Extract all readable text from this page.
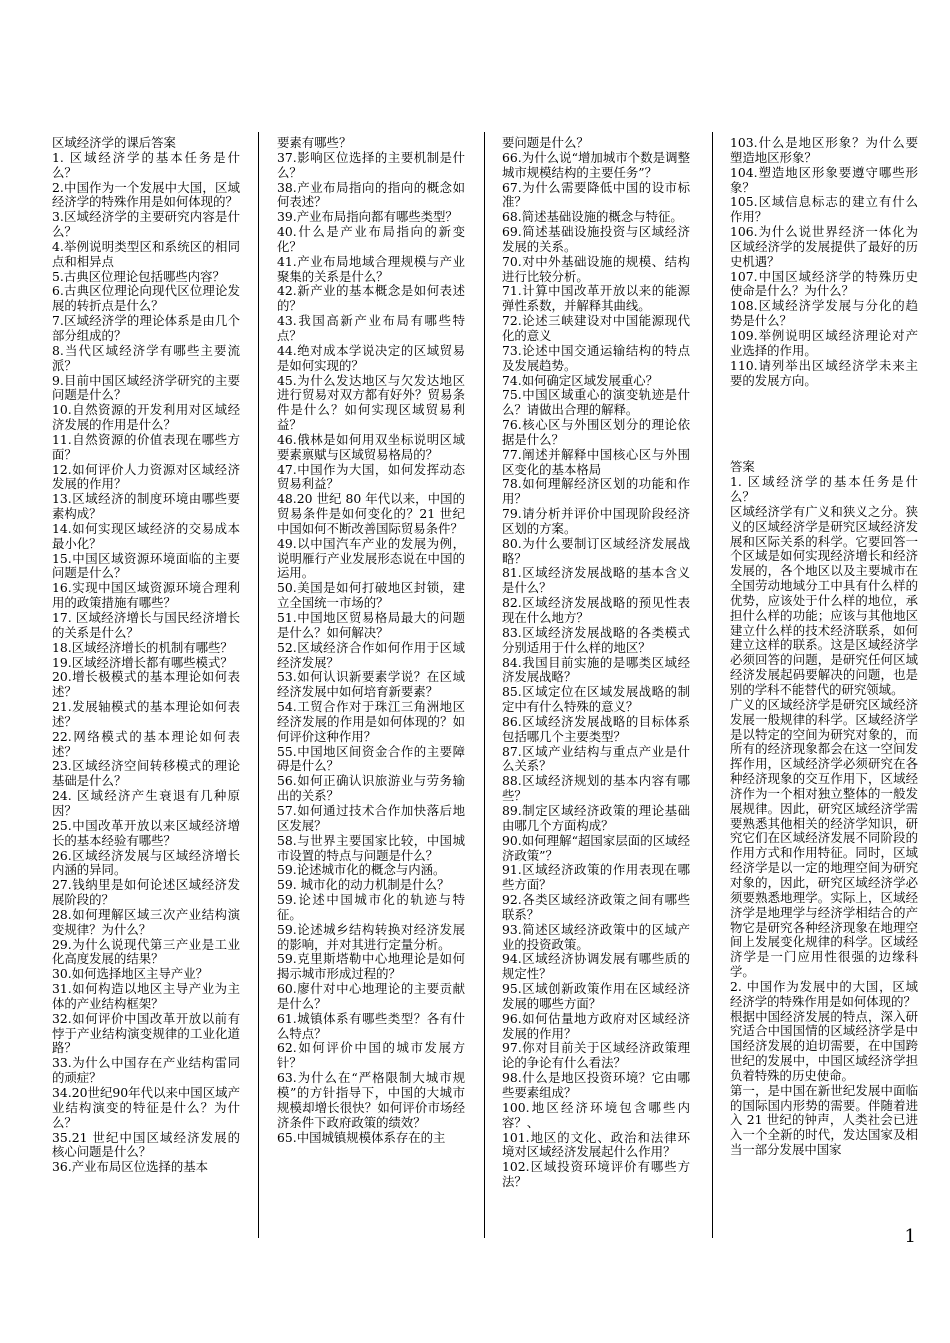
区域经济学的课后答案

1. 区域经济学的基本任务是什么？

2.中国作为一个发展中大国，区域经济学的特殊作用是如何体现的？

3.区域经济学的主要研究内容是什么？

4.举例说明类型区和系统区的相同点和相异点

5.古典区位理论包括哪些内容？

6.古典区位理论向现代区位理论发展的转折点是什么？

7.区域经济学的理论体系是由几个部分组成的？

8.当代区域经济学有哪些主要流派？

9.目前中国区域经济学研究的主要问题是什么？

10.自然资源的开发利用对区域经济发展的作用是什么？

11.自然资源的价值表现在哪些方面？

12.如何评价人力资源对区域经济发展的作用？

13.区域经济的制度环境由哪些要素构成？

14.如何实现区域经济的交易成本最小化？

15.中国区域资源环境面临的主要问题是什么？

16.实现中国区域资源环境合理利用的政策措施有哪些？

17. 区域经济增长与国民经济增长的关系是什么？

18.区域经济增长的机制有哪些？

19.区域经济增长都有哪些模式？

20.增长极模式的基本理论如何表述？

21.发展轴模式的基本理论如何表述？

22.网络模式的基本理论如何表述？

23.区域经济空间转移模式的理论基础是什么？

24. 区域经济产生衰退有几种原因？

25.中国改革开放以来区域经济增长的基本经验有哪些？

26.区域经济发展与区域经济增长内涵的异同。

27.钱纳里是如何论述区域经济发展阶段的？

28.如何理解区域三次产业结构演变规律？为什么？

29.为什么说现代第三产业是工业化高度发展的结果？

30.如何选择地区主导产业？

31.如何构造以地区主导产业为主体的产业结构框架？

32.如何评价中国改革开放以前有悖于产业结构演变规律的工业化道路？

33.为什么中国存在产业结构雷同的顽症？

34.20世纪90年代以来中国区域产业结构演变的特征是什么？为什么？

35.21 世纪中国区域经济发展的核心问题是什么？

36.产业布局区位选择的基本

要素有哪些？

37.影响区位选择的主要机制是什么？

38.产业布局指向的指向的概念如何表述？

39.产业布局指向都有哪些类型？

40.什么是产业布局指向的新变化？

41.产业布局地域合理规模与产业聚集的关系是什么？

42.新产业的基本概念是如何表述的？

43.我国高新产业布局有哪些特点？

44.绝对成本学说决定的区域贸易是如何实现的？

45.为什么发达地区与欠发达地区进行贸易对双方都有好外？贸易条件是什么？如何实现区域贸易利益？

46.俄林是如何用双坐标说明区域要素禀赋与区域贸易格局的？

47.中国作为大国，如何发挥动态贸易利益？

48.20 世纪 80 年代以来，中国的贸易条件是如何变化的？21 世纪中国如何不断改善国际贸易条件？

49.以中国汽车产业的发展为例，说明雁行产业发展形态说在中国的运用。

50.美国是如何打破地区封锁，建立全国统一市场的？

51.中国地区贸易格局最大的问题是什么？如何解决？

52.区域经济合作如何作用于区域经济发展？

53.如何认识新要素学说？在区域经济发展中如何培育新要素？

54.工贸合作对于珠江三角洲地区经济发展的作用是如何体现的？如何评价这种作用？

55.中国地区间资金合作的主要障碍是什么？

56.如何正确认识旅游业与劳务输出的关系？

57.如何通过技术合作加快落后地区发展？

58.与世界主要国家比较，中国城市设置的特点与问题是什么？

59.论述城市化的概念与内涵。

59. 城市化的动力机制是什么？

59.论述中国城市化的轨迹与特征。

59.论述城乡结构转换对经济发展的影响，并对其进行定量分析。

59.克里斯塔勒中心地理论是如何揭示城市形成过程的？

60.廖什对中心地理论的主要贡献是什么？

61.城镇体系有哪些类型？各有什么特点？

62.如何评价中国的城市发展方针？

63.为什么在“严格限制大城市规模”的方针指导下，中国的大城市规模却增长很快？如何评价市场经济条件下政府政策的绩效？

65.中国城镇规模体系存在的主

要问题是什么？

66.为什么说“增加城市个数是调整城市规模结构的主要任务”？

67.为什么需要降低中国的设市标准？

68.简述基础设施的概念与特征。

69.简述基础设施投资与区域经济发展的关系。

70.对中外基础设施的规模、结构进行比较分析。

71.计算中国改革开放以来的能源弹性系数，并解释其曲线。

72.论述三峡建设对中国能源现代化的意义

73.论述中国交通运输结构的特点及发展趋势。

74.如何确定区域发展重心？

75.中国区域重心的演变轨迹是什么？请做出合理的解释。

76.核心区与外围区划分的理论依据是什么？

77.阐述并解释中国核心区与外围区变化的基本格局

78.如何理解经济区划的功能和作用？

79.请分析并评价中国现阶段经济区划的方案。

80.为什么要制订区域经济发展战略？

81.区域经济发展战略的基本含义是什么？

82.区域经济发展战略的预见性表现在什么地方？

83.区域经济发展战略的各类模式分别适用于什么样的地区？

84.我国目前实施的是哪类区域经济发展战略？

85.区域定位在区域发展战略的制定中有什么特殊的意义？

86.区域经济发展战略的目标体系包括哪几个主要类型？

87.区域产业结构与重点产业是什么关系？

88.区域经济规划的基本内容有哪些？

89.制定区域经济政策的理论基础由哪几个方面构成？

90.如何理解“超国家层面的区域经济政策”？

91.区域经济政策的作用表现在哪些方面？

92.各类区域经济政策之间有哪些联系？

93.简述区域经济政策中的区域产业的投资政策。

94.区域经济协调发展有哪些质的规定性？

95.区域创新政策作用在区域经济发展的哪些方面？

96.如何估量地方政府对区域经济发展的作用？

97.你对目前关于区域经济政策理论的争论有什么看法？

98.什么是地区投资环境？它由哪些要素组成？

100.地区经济环境包含哪些内容？、

101.地区的文化、政治和法律环境对区域经济发展起什么作用？

102.区域投资环境评价有哪些方法？

103.什么是地区形象？为什么要塑造地区形象？

104.塑造地区形象要遵守哪些形象？

105.区域信息标志的建立有什么作用？

106.为什么说世界经济一体化为区域经济学的发展提供了最好的历史机遇？

107.中国区域经济学的特殊历史使命是什么？为什么？

108.区域经济学发展与分化的趋势是什么？

109.举例说明区域经济理论对产业选择的作用。

110.请列举出区域经济学未来主要的发展方向。

答案

1. 区域经济学的基本任务是什么？

区域经济学有广义和狭义之分。狭义的区域经济学是研究区域经济发展和区际关系的科学。它要回答一个区域是如何实现经济增长和经济发展的，各个地区以及主要城市在全国劳动地域分工中具有什么样的优势，应该处于什么样的地位，承担什么样的功能；应该与其他地区建立什么样的技术经济联系，如何建立这样的联系。这是区域经济学必须回答的问题，是研究任何区域经济发展起码要解决的问题，也是别的学科不能替代的研究领域。

广义的区域经济学是研究区域经济发展一般规律的科学。区域经济学是以特定的空间为研究对象的，而所有的经济现象都会在这一空间发挥作用，区域经济学必须研究在各种经济现象的交互作用下，区域经济作为一个相对独立整体的一般发展规律。因此，研究区域经济学需要熟悉其他相关的经济学知识，研究它们在区域经济发展不同阶段的作用方式和作用特征。同时，区域经济学是以一定的地理空间为研究对象的，因此，研究区域经济学必须要熟悉地理学。实际上，区域经济学是地理学与经济学相结合的产物它是研究各种经济现象在地理空间上发展变化规律的科学。区域经济学是一门应用性很强的边缘科学。

2. 中国作为发展中的大国，区域经济学的特殊作用是如何体现的？

根据中国经济发展的特点，深入研究适合中国国情的区域经济学是中国经济发展的迫切需要，在中国跨世纪的发展中，中国区域经济学担负着特殊的历史使命。

第一，是中国在新世纪发展中面临的国际国内形势的需要。伴随着进入 21 世纪的钟声，人类社会已进入一个全新的时代，发达国家及相当一部分发展中国家

1
